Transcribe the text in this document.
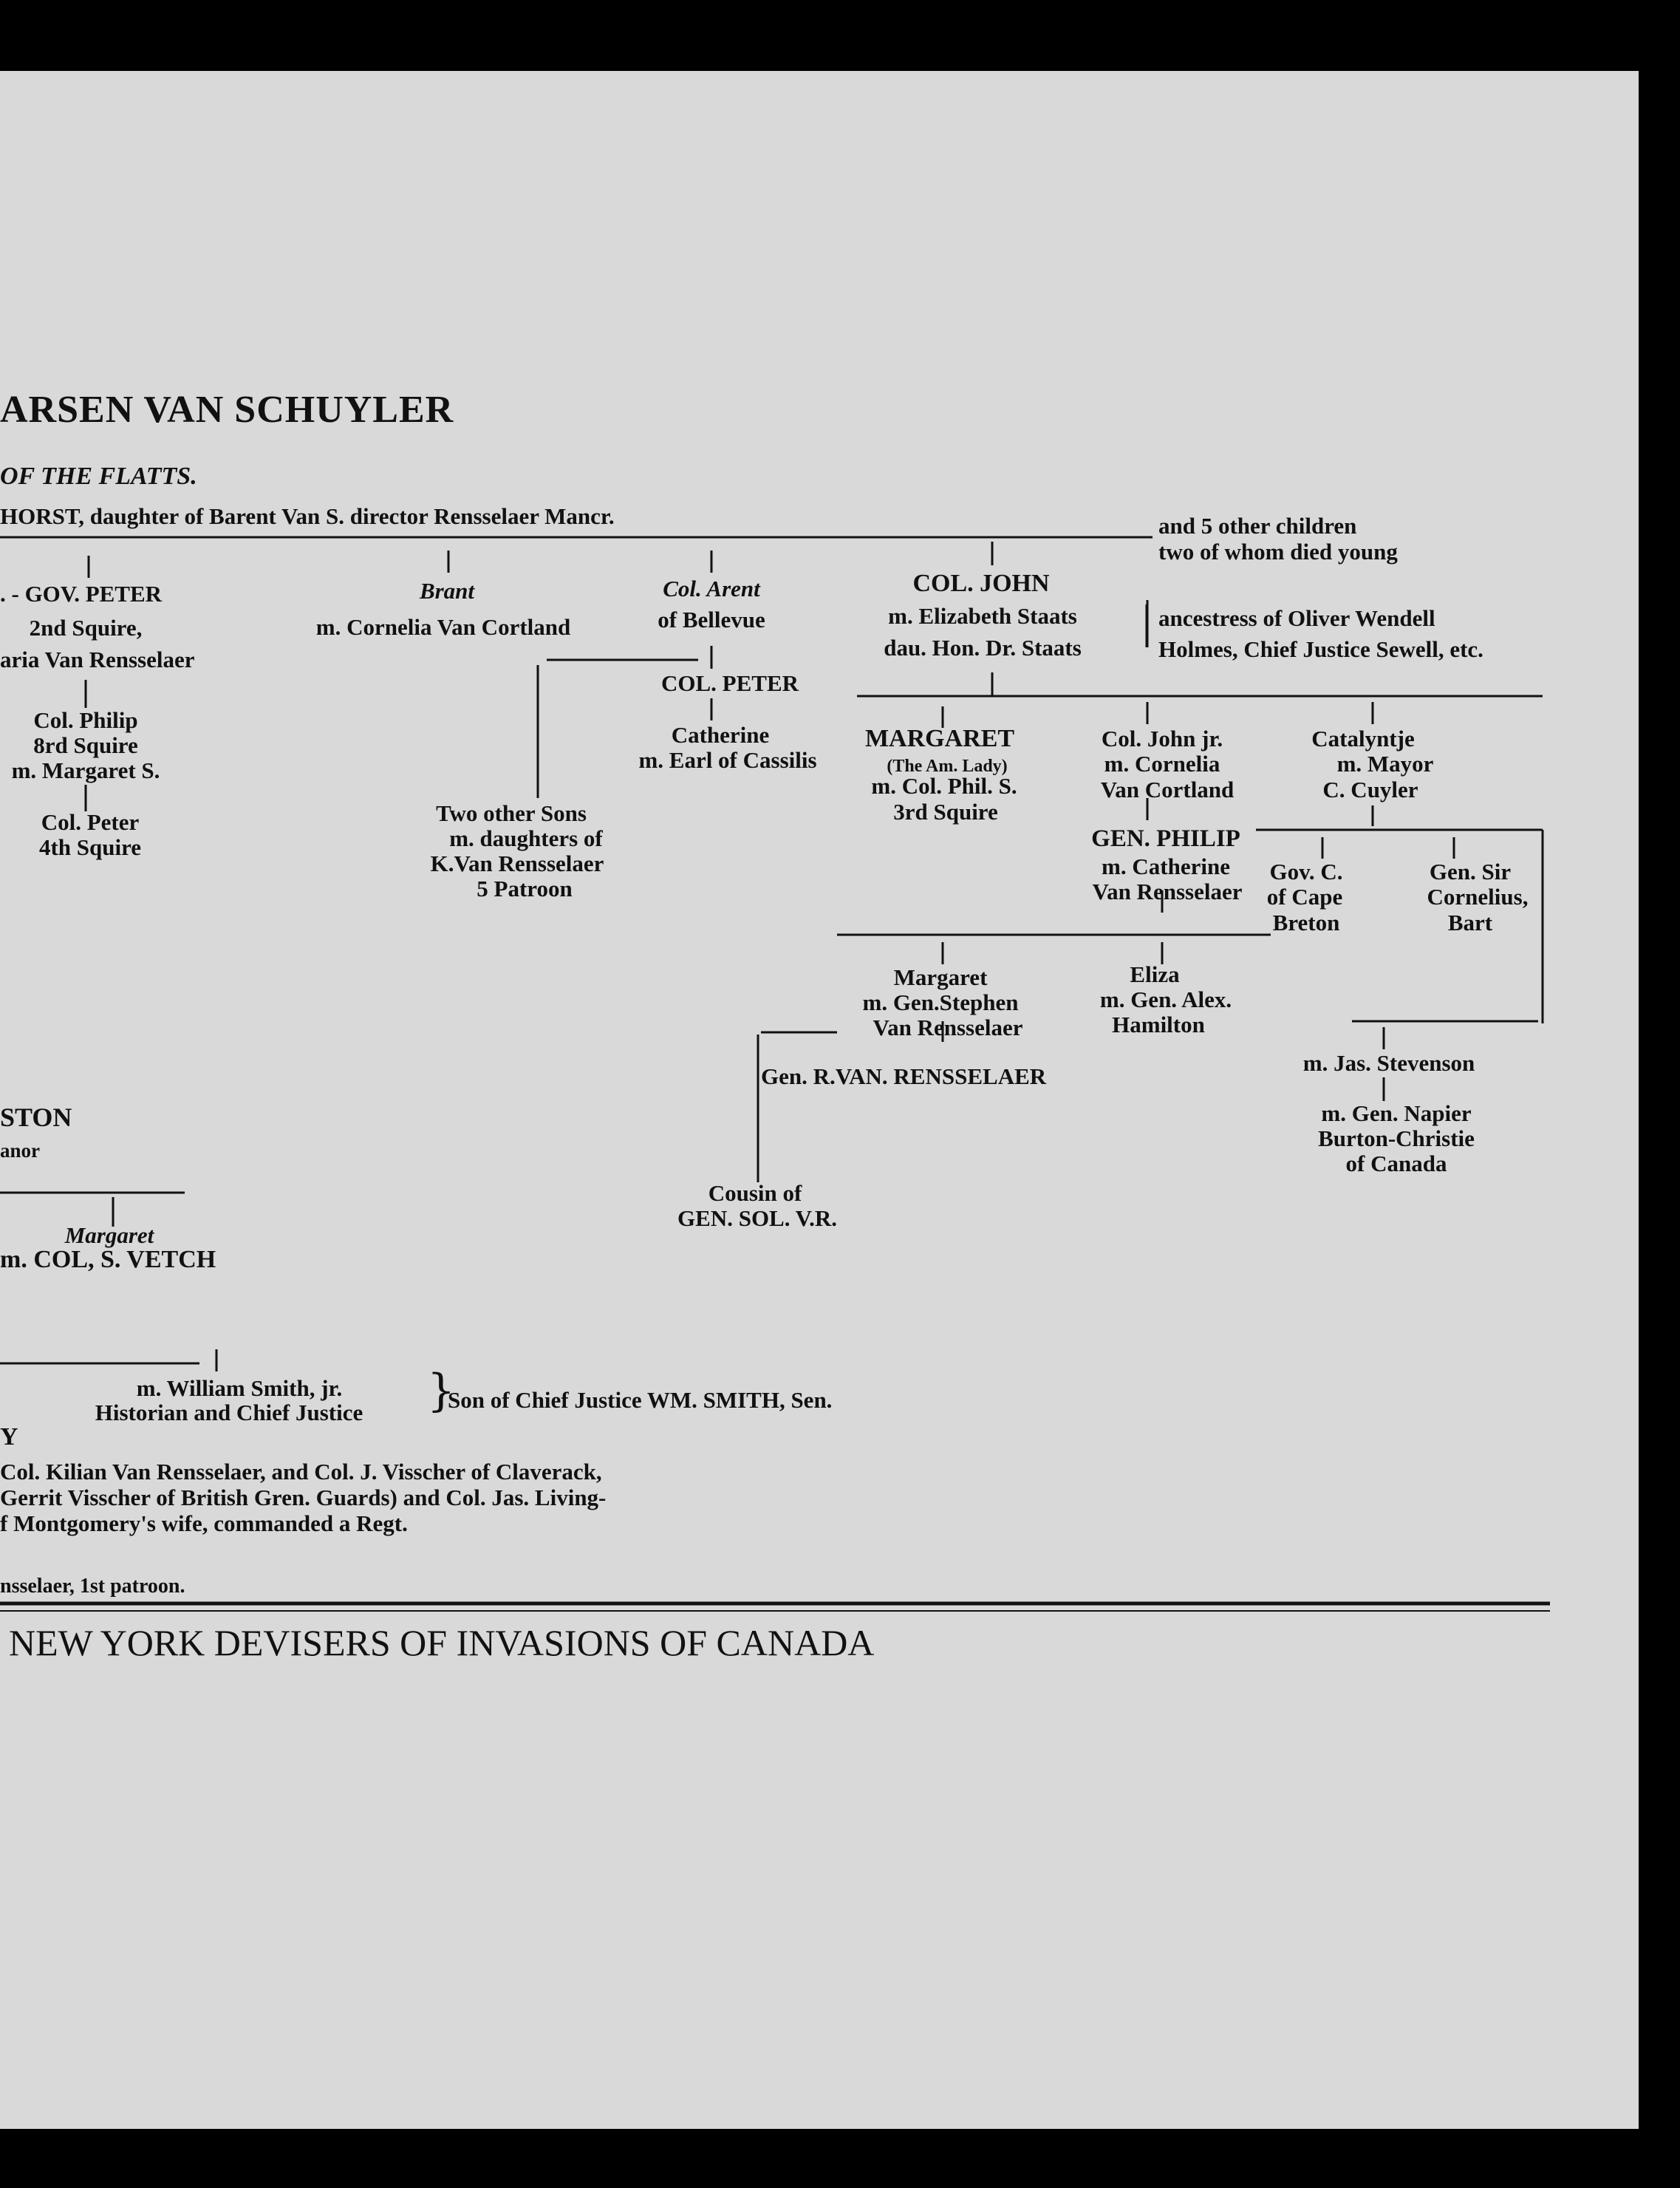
ARSEN VAN SCHUYLER
OF THE FLATTS.
HORST, daughter of Barent Van S. director Rensselaer Mancr.	and 5 other children
two of whom died young
. - GOV. PETER
2nd Squire,
aria Van Rensselaer
Col. Philip
8rd Squire
m. Margaret S.
Col. Peter
4th Squire
Brant
m. Cornelia Van Cortland
Two other Sons
m. daughters of
K.Van Rensselaer
5 Patroon
Col. Arent
of Bellevue
COL. PETER
Catherine
m. Earl of Cassilis
COL. JOHN
m. Elizabeth Staats
dau. Hon. Dr. Staats
ancestress of Oliver Wendell
Holmes, Chief Justice Sewell, etc.
MARGARET
(The Am. Lady)
m. Col. Phil. S.
3rd Squire
Col. John jr.
m. Cornelia
Van Cortland
Catalyntje
m. Mayor
C. Cuyler
GEN. PHILIP
m. Catherine
Van Rensselaer
Gov. C.
of Cape
Breton
Gen. Sir
Cornelius,
Bart
Margaret
m. Gen.Stephen
Van Rensselaer
Eliza
m. Gen. Alex.
Hamilton
Gen. R.VAN. RENSSELAER
m. Jas. Stevenson
m. Gen. Napier
Burton-Christie
of Canada
Cousin of
GEN. SOL. V.R.
STON
anor
Margaret
m. COL, S. VETCH
m. William Smith, jr.
Historian and Chief Justice }
Son of Chief Justice WM. SMITH, Sen.
Y
Col. Kilian Van Rensselaer, and Col. J. Visscher of Claverack,
Gerrit Visscher of British Gren. Guards) and Col. Jas. Living-
f Montgomery's wife, commanded a Regt.
nsselaer, 1st patroon.
NEW YORK DEVISERS OF INVASIONS OF CANADA
